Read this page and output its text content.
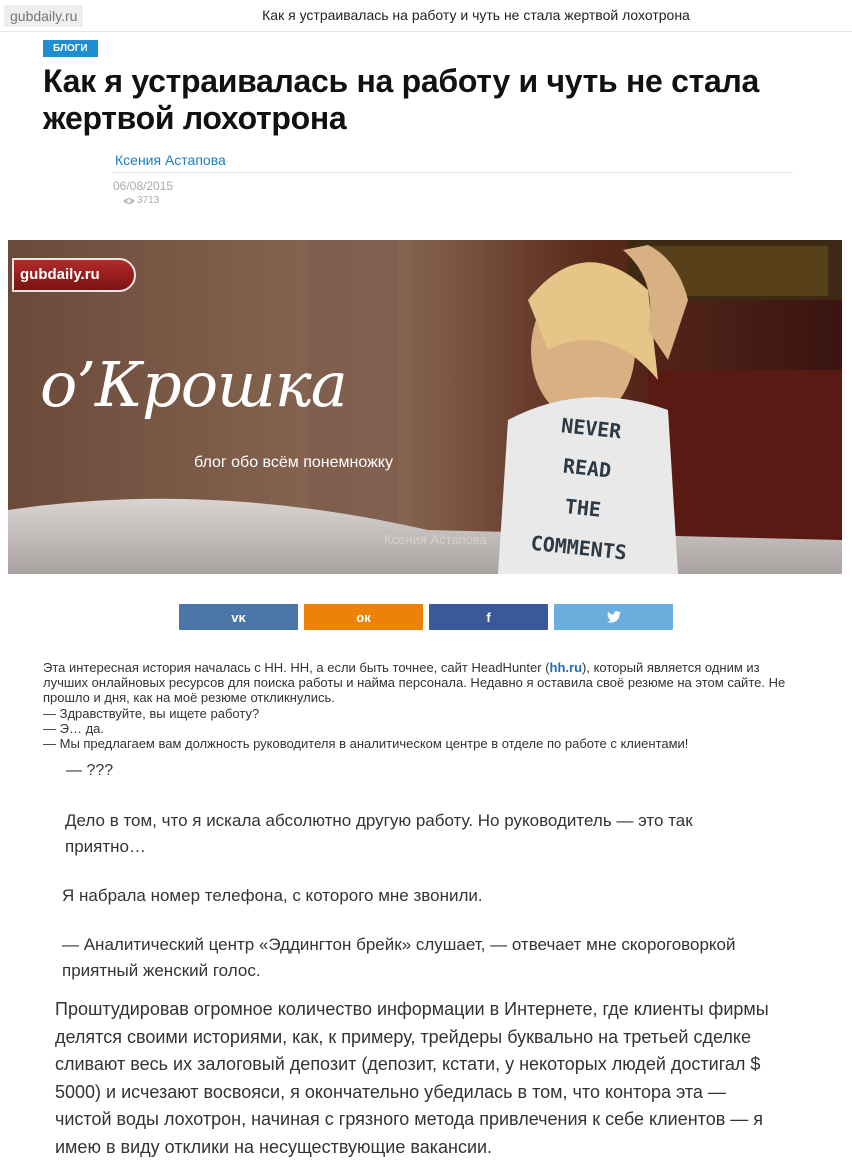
gubdaily.ru	Как я устраивалась на работу и чуть не стала жертвой лохотрона
БЛОГИ
Как я устраивалась на работу и чуть не стала жертвой лохотрона
Ксения Астапова
06/08/2015
3713
gubdaily.ru
о’Крошка
блог обо всём понемножку
Ксения Астапова
NEVER
READ
THE
COMMENTS
ᴠᴋ	ок	f

Эта интересная история началась с НН. НН, а если быть точнее, сайт HeadHunter (hh.ru), который является одним из лучших онлайновых ресурсов для поиска работы и найма персонала. Недавно я оставила своё резюме на этом сайте. Не прошло и дня, как на моё резюме откликнулись.

— Здравствуйте, вы ищете работу?

— Э… да.

— Мы предлагаем вам должность руководителя в аналитическом центре в отделе по работе с клиентами!

— ???

Дело в том, что я искала абсолютно другую работу. Но руководитель — это так приятно…

Я набрала номер телефона, с которого мне звонили.

— Аналитический центр «Эддингтон брейк» слушает, — отвечает мне скороговоркой приятный женский голос.

Проштудировав огромное количество информации в Интернете, где клиенты фирмы делятся своими историями, как, к примеру, трейдеры буквально на третьей сделке сливают весь их залоговый депозит (депозит, кстати, у некоторых людей достигал $ 5000) и исчезают восвояси, я окончательно убедилась в том, что контора эта — чистой воды лохотрон, начиная с грязного метода привлечения к себе клиентов — я имею в виду отклики на несуществующие вакансии.
